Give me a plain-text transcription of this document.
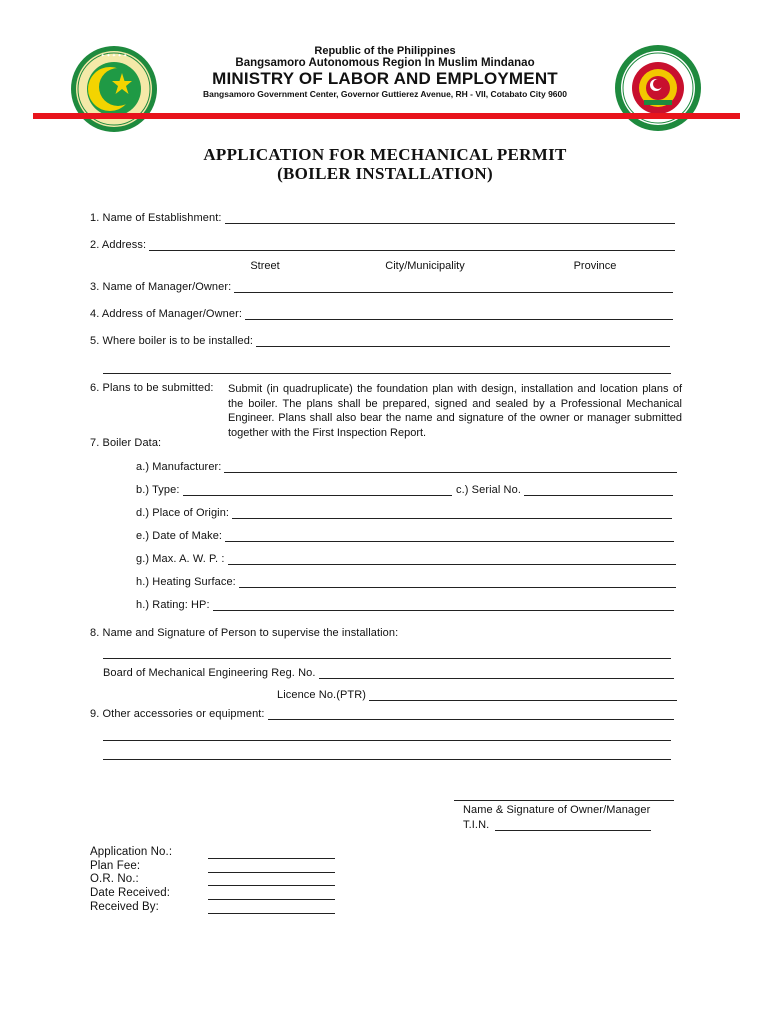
✦ ✦ ✦ ✦ ✦	Republic of the Philippines
Bangsamoro Autonomous Region In Muslim Mindanao
MINISTRY OF LABOR AND EMPLOYMENT
Bangsamoro Government Center, Governor Guttierez Avenue, RH - VII, Cotabato City 9600
APPLICATION FOR MECHANICAL PERMIT
(BOILER INSTALLATION)
1. Name of Establishment:
2. Address:
Street	City/Municipality	Province
3. Name of Manager/Owner:
4. Address of Manager/Owner:
5. Where boiler is to be installed:
6. Plans to be submitted: Submit (in quadruplicate) the foundation plan with design, installation and location plans of the boiler. The plans shall be prepared, signed and sealed by a Professional Mechanical Engineer. Plans shall also bear the name and signature of the owner or manager submitted together with the First Inspection Report.
7. Boiler Data:
a.) Manufacturer:
b.) Type:	c.) Serial No.
d.) Place of Origin:
e.) Date of Make:
g.) Max. A. W. P. :
h.) Heating Surface:
h.) Rating: HP:
8. Name and Signature of Person to supervise the installation:
Board of Mechanical Engineering Reg. No.
Licence No.(PTR)
9. Other accessories or equipment:
Name & Signature of Owner/Manager
T.I.N.
Application No.:
Plan Fee:
O.R. No.:
Date Received:
Received By:
